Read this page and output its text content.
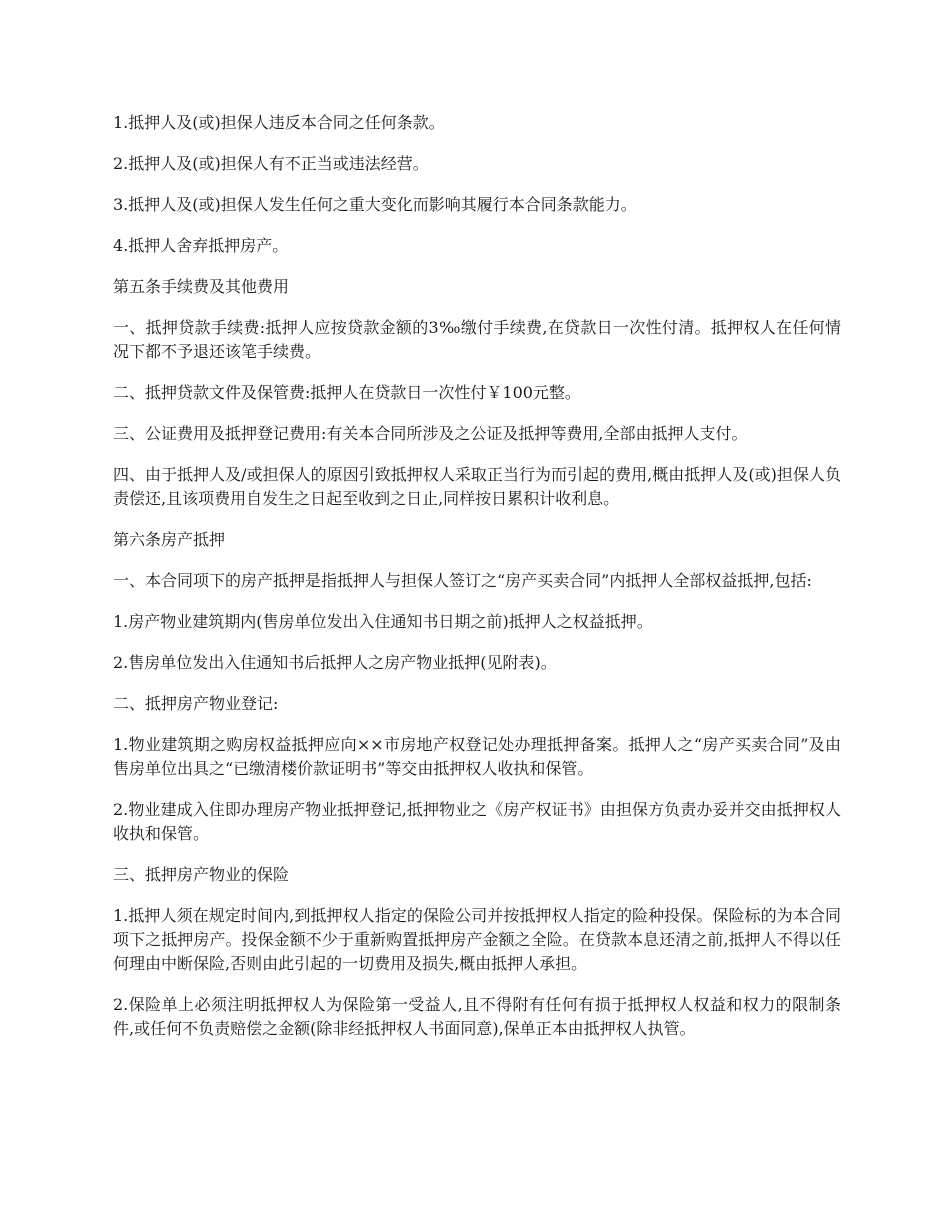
1.抵押人及(或)担保人违反本合同之任何条款。

2.抵押人及(或)担保人有不正当或违法经营。

3.抵押人及(或)担保人发生任何之重大变化而影响其履行本合同条款能力。

4.抵押人舍弃抵押房产。

第五条手续费及其他费用

一、抵押贷款手续费:抵押人应按贷款金额的3‰缴付手续费,在贷款日一次性付清。抵押权人在任何情况下都不予退还该笔手续费。

二、抵押贷款文件及保管费:抵押人在贷款日一次性付￥100元整。

三、公证费用及抵押登记费用:有关本合同所涉及之公证及抵押等费用,全部由抵押人支付。

四、由于抵押人及/或担保人的原因引致抵押权人采取正当行为而引起的费用,概由抵押人及(或)担保人负责偿还,且该项费用自发生之日起至收到之日止,同样按日累积计收利息。

第六条房产抵押

一、本合同项下的房产抵押是指抵押人与担保人签订之“房产买卖合同”内抵押人全部权益抵押,包括:

1.房产物业建筑期内(售房单位发出入住通知书日期之前)抵押人之权益抵押。

2.售房单位发出入住通知书后抵押人之房产物业抵押(见附表)。

二、抵押房产物业登记:

1.物业建筑期之购房权益抵押应向××市房地产权登记处办理抵押备案。抵押人之“房产买卖合同”及由售房单位出具之“已缴清楼价款证明书”等交由抵押权人收执和保管。

2.物业建成入住即办理房产物业抵押登记,抵押物业之《房产权证书》由担保方负责办妥并交由抵押权人收执和保管。

三、抵押房产物业的保险

1.抵押人须在规定时间内,到抵押权人指定的保险公司并按抵押权人指定的险种投保。保险标的为本合同项下之抵押房产。投保金额不少于重新购置抵押房产金额之全险。在贷款本息还清之前,抵押人不得以任何理由中断保险,否则由此引起的一切费用及损失,概由抵押人承担。

2.保险单上必须注明抵押权人为保险第一受益人,且不得附有任何有损于抵押权人权益和权力的限制条件,或任何不负责赔偿之金额(除非经抵押权人书面同意),保单正本由抵押权人执管。
